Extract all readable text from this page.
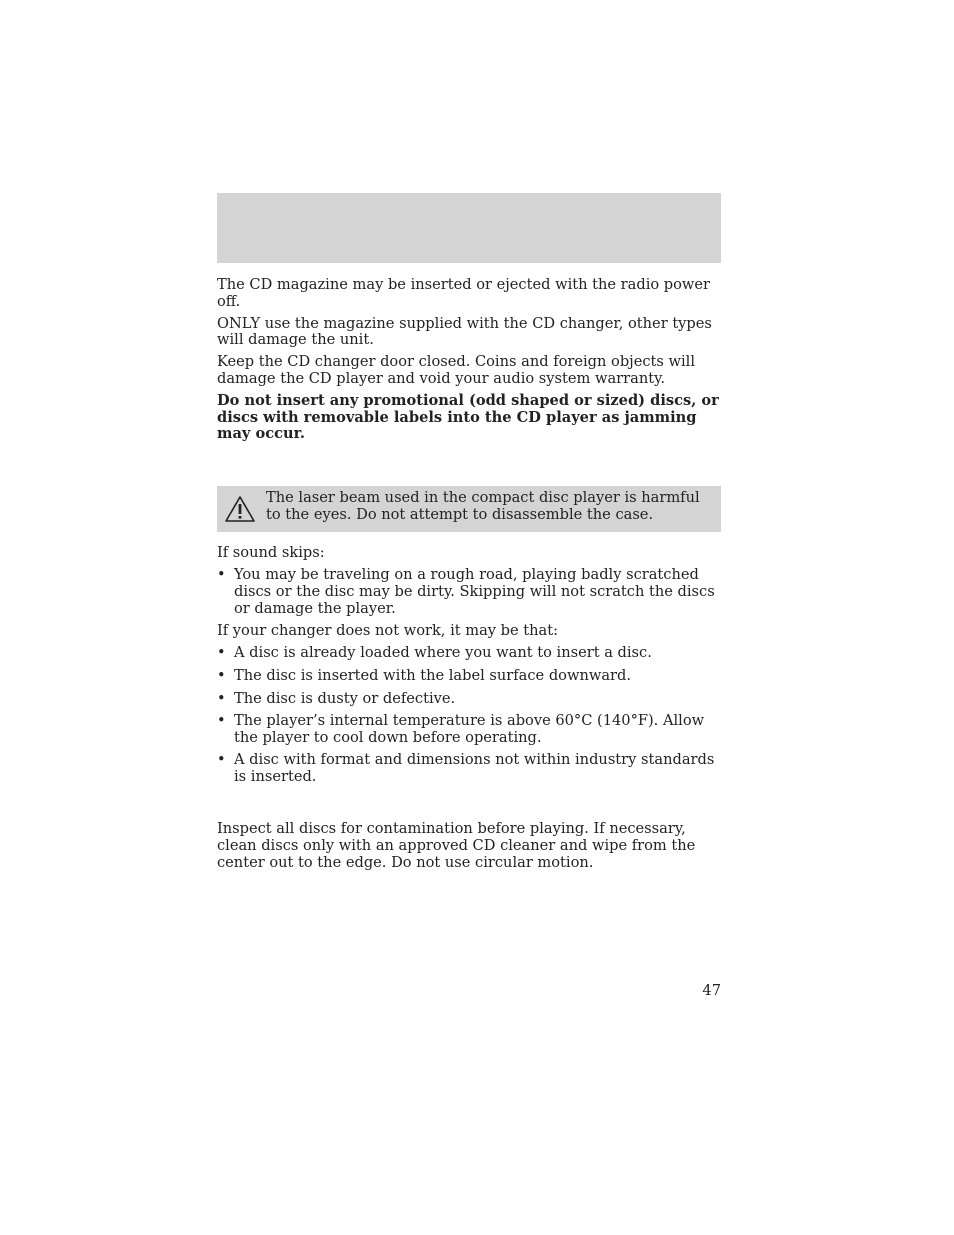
The CD magazine may be inserted or ejected with the radio power off.

ONLY use the magazine supplied with the CD changer, other types will damage the unit.

Keep the CD changer door closed. Coins and foreign objects will damage the CD player and void your audio system warranty.

Do not insert any promotional (odd shaped or sized) discs, or discs with removable labels into the CD player as jamming may occur.

The laser beam used in the compact disc player is harmful to the eyes. Do not attempt to disassemble the case.

If sound skips:

• You may be traveling on a rough road, playing badly scratched discs or the disc may be dirty. Skipping will not scratch the discs or damage the player.

If your changer does not work, it may be that:

• A disc is already loaded where you want to insert a disc.
• The disc is inserted with the label surface downward.
• The disc is dusty or defective.
• The player’s internal temperature is above 60°C (140°F). Allow the player to cool down before operating.
• A disc with format and dimensions not within industry standards is inserted.

Inspect all discs for contamination before playing. If necessary, clean discs only with an approved CD cleaner and wipe from the center out to the edge. Do not use circular motion.

47
